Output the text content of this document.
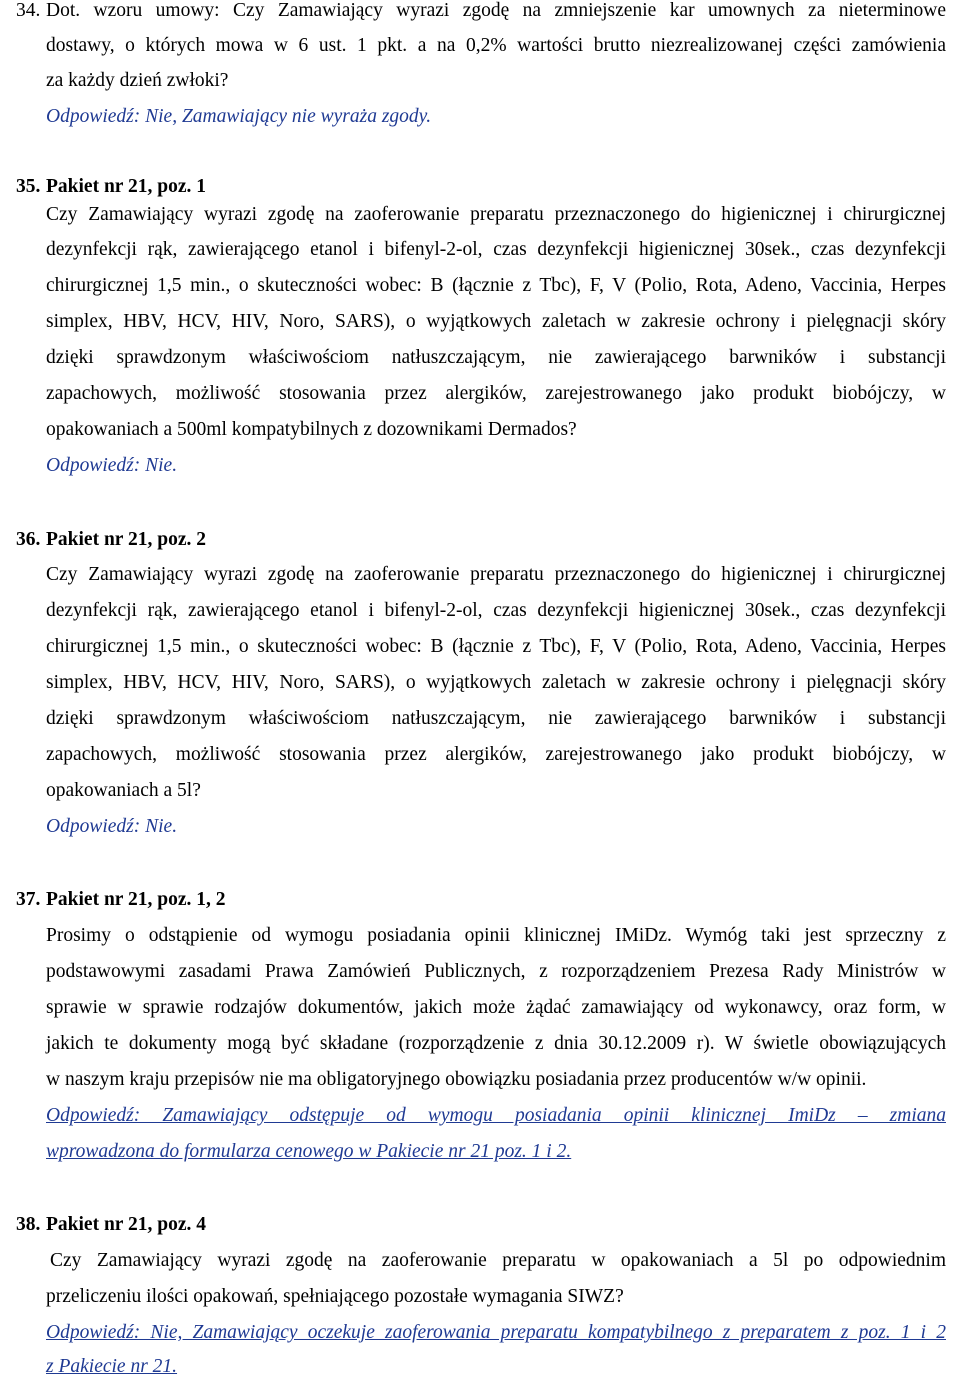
34. Dot. wzoru umowy: Czy Zamawiający wyrazi zgodę na zmniejszenie kar umownych za nieterminowe
dostawy, o których mowa w 6 ust. 1 pkt. a na 0,2% wartości brutto niezrealizowanej części zamówienia
za każdy dzień zwłoki?
Odpowiedź: Nie, Zamawiający nie wyraża zgody.
35. Pakiet nr 21, poz. 1
Czy Zamawiający wyrazi zgodę na zaoferowanie preparatu przeznaczonego do higienicznej i chirurgicznej
dezynfekcji rąk, zawierającego etanol i bifenyl-2-ol, czas dezynfekcji higienicznej 30sek., czas dezynfekcji
chirurgicznej 1,5 min., o skuteczności wobec: B (łącznie z Tbc), F, V (Polio, Rota, Adeno, Vaccinia, Herpes
simplex, HBV, HCV, HIV, Noro, SARS), o wyjątkowych zaletach w zakresie ochrony i pielęgnacji skóry
dzięki sprawdzonym właściwościom natłuszczającym, nie zawierającego barwników i substancji
zapachowych, możliwość stosowania przez alergików, zarejestrowanego jako produkt biobójczy, w
opakowaniach a 500ml kompatybilnych z dozownikami Dermados?
Odpowiedź: Nie.
36. Pakiet nr 21, poz. 2
Czy Zamawiający wyrazi zgodę na zaoferowanie preparatu przeznaczonego do higienicznej i chirurgicznej
dezynfekcji rąk, zawierającego etanol i bifenyl-2-ol, czas dezynfekcji higienicznej 30sek., czas dezynfekcji
chirurgicznej 1,5 min., o skuteczności wobec: B (łącznie z Tbc), F, V (Polio, Rota, Adeno, Vaccinia, Herpes
simplex, HBV, HCV, HIV, Noro, SARS), o wyjątkowych zaletach w zakresie ochrony i pielęgnacji skóry
dzięki sprawdzonym właściwościom natłuszczającym, nie zawierającego barwników i substancji
zapachowych, możliwość stosowania przez alergików, zarejestrowanego jako produkt biobójczy, w
opakowaniach a 5l?
Odpowiedź: Nie.
37. Pakiet nr 21, poz. 1, 2
Prosimy o odstąpienie od wymogu posiadania opinii klinicznej IMiDz. Wymóg taki jest sprzeczny z
podstawowymi zasadami Prawa Zamówień Publicznych, z rozporządzeniem Prezesa Rady Ministrów w
sprawie w sprawie rodzajów dokumentów, jakich może żądać zamawiający od wykonawcy, oraz form, w
jakich te dokumenty mogą być składane (rozporządzenie z dnia 30.12.2009 r). W świetle obowiązujących
w naszym kraju przepisów nie ma obligatoryjnego obowiązku posiadania przez producentów w/w opinii.
Odpowiedź: Zamawiający odstępuje od wymogu posiadania opinii klinicznej ImiDz – zmiana
wprowadzona do formularza cenowego w Pakiecie nr 21 poz. 1 i 2.
38. Pakiet nr 21, poz. 4
Czy Zamawiający wyrazi zgodę na zaoferowanie preparatu w opakowaniach a 5l po odpowiednim
przeliczeniu ilości opakowań, spełniającego pozostałe wymagania SIWZ?
Odpowiedź: Nie, Zamawiający oczekuje zaoferowania preparatu kompatybilnego z preparatem z poz. 1 i 2
z Pakiecie nr 21.
